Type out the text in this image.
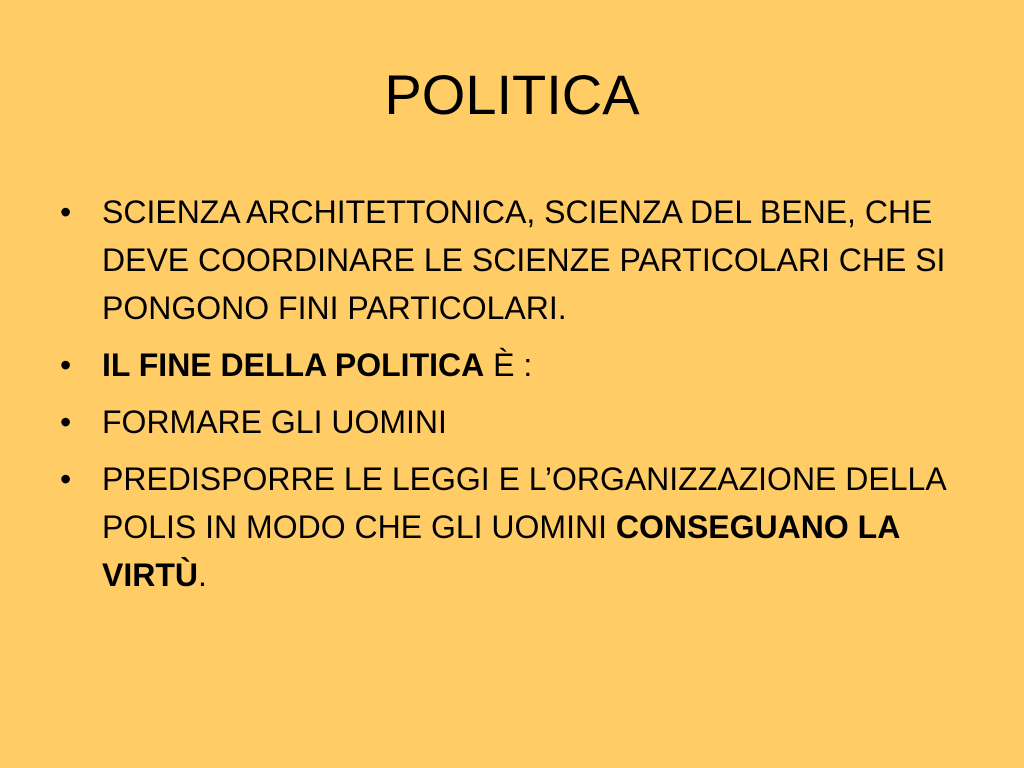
POLITICA
• SCIENZA ARCHITETTONICA, SCIENZA DEL BENE, CHE DEVE COORDINARE LE SCIENZE PARTICOLARI CHE SI PONGONO FINI PARTICOLARI.
• IL FINE DELLA POLITICA È :
• FORMARE GLI UOMINI
• PREDISPORRE LE LEGGI E L’ORGANIZZAZIONE DELLA POLIS IN MODO CHE GLI UOMINI CONSEGUANO LA VIRTÙ.
